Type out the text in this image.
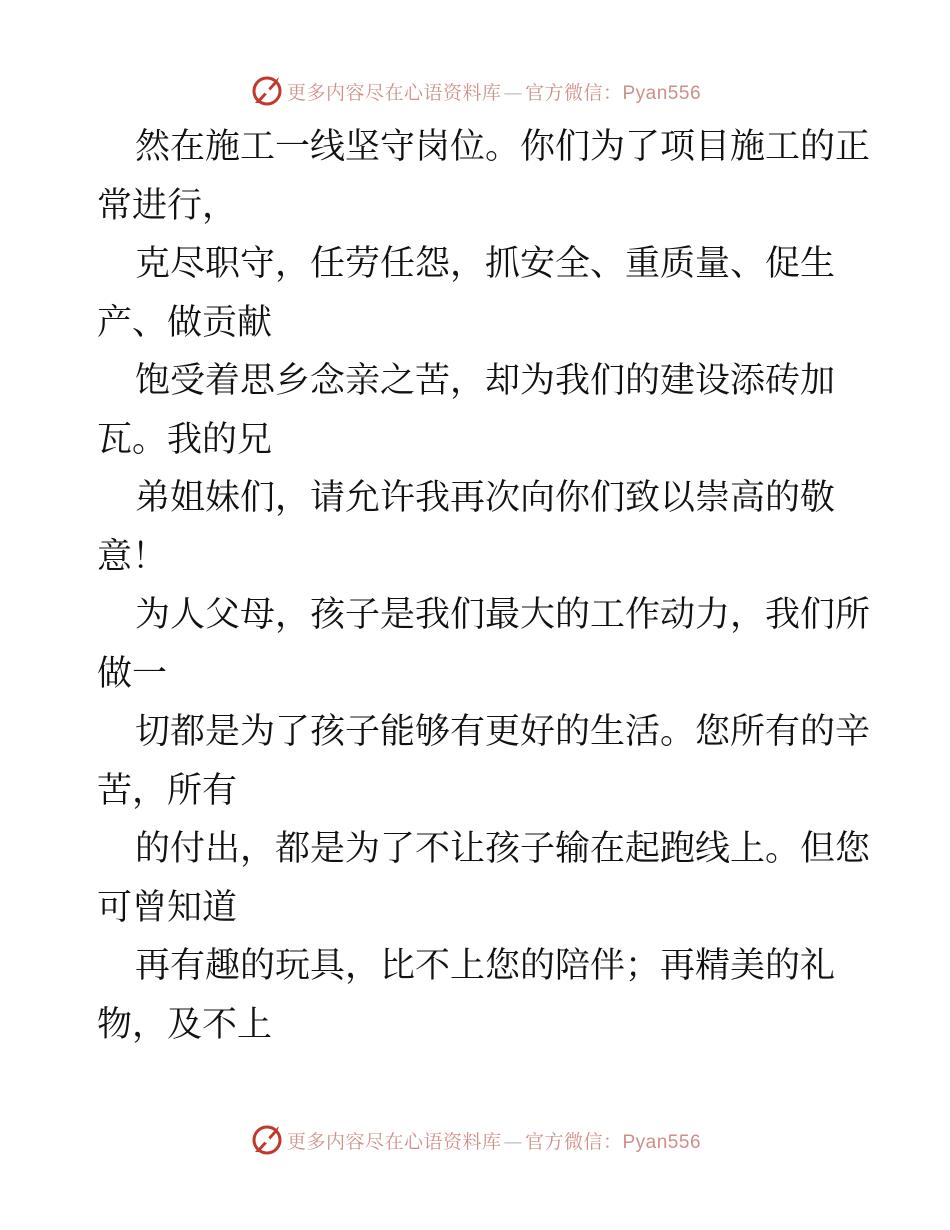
更多内容尽在心语资料库 — 官方微信：Pyan556
然在施工一线坚守岗位。你们为了项目施工的正
常进行，
克尽职守，任劳任怨，抓安全、重质量、促生
产、做贡献
饱受着思乡念亲之苦，却为我们的建设添砖加
瓦。我的兄
弟姐妹们，请允许我再次向你们致以崇高的敬
意！
为人父母，孩子是我们最大的工作动力，我们所
做一
切都是为了孩子能够有更好的生活。您所有的辛
苦，所有
的付出，都是为了不让孩子输在起跑线上。但您
可曾知道
再有趣的玩具，比不上您的陪伴；再精美的礼
物，及不上
更多内容尽在心语资料库 — 官方微信：Pyan556
